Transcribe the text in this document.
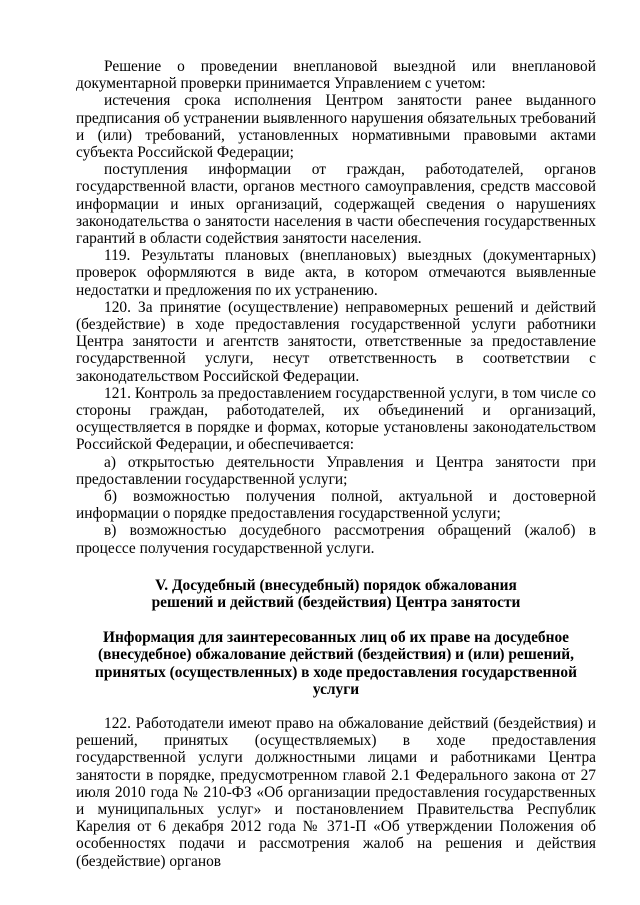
Решение о проведении внеплановой выездной или внеплановой документарной проверки принимается Управлением с учетом:

истечения срока исполнения Центром занятости ранее выданного предписания об устранении выявленного нарушения обязательных требований и (или) требований, установленных нормативными правовыми актами субъекта Российской Федерации;

поступления информации от граждан, работодателей, органов государственной власти, органов местного самоуправления, средств массовой информации и иных организаций, содержащей сведения о нарушениях законодательства о занятости населения в части обеспечения государственных гарантий в области содействия занятости населения.

119. Результаты плановых (внеплановых) выездных (документарных) проверок оформляются в виде акта, в котором отмечаются выявленные недостатки и предложения по их устранению.

120. За принятие (осуществление) неправомерных решений и действий (бездействие) в ходе предоставления государственной услуги работники Центра занятости и агентств занятости, ответственные за предоставление государственной услуги, несут ответственность в соответствии с законодательством Российской Федерации.

121. Контроль за предоставлением государственной услуги, в том числе со стороны граждан, работодателей, их объединений и организаций, осуществляется в порядке и формах, которые установлены законодательством Российской Федерации, и обеспечивается:

а) открытостью деятельности Управления и Центра занятости при предоставлении государственной услуги;

б) возможностью получения полной, актуальной и достоверной информации о порядке предоставления государственной услуги;

в) возможностью досудебного рассмотрения обращений (жалоб) в процессе получения государственной услуги.

V. Досудебный (внесудебный) порядок обжалования
решений и действий (бездействия) Центра занятости
Информация для заинтересованных лиц об их праве на досудебное
(внесудебное) обжалование действий (бездействия) и (или) решений,
принятых (осуществленных) в ходе предоставления государственной
услуги

122. Работодатели имеют право на обжалование действий (бездействия) и решений, принятых (осуществляемых) в ходе предоставления государственной услуги должностными лицами и работниками Центра занятости в порядке, предусмотренном главой 2.1 Федерального закона от 27 июля 2010 года № 210-ФЗ «Об организации предоставления государственных и муниципальных услуг» и постановлением Правительства Республик Карелия от 6 декабря 2012 года № 371-П «Об утверждении Положения об особенностях подачи и рассмотрения жалоб на решения и действия (бездействие) органов
